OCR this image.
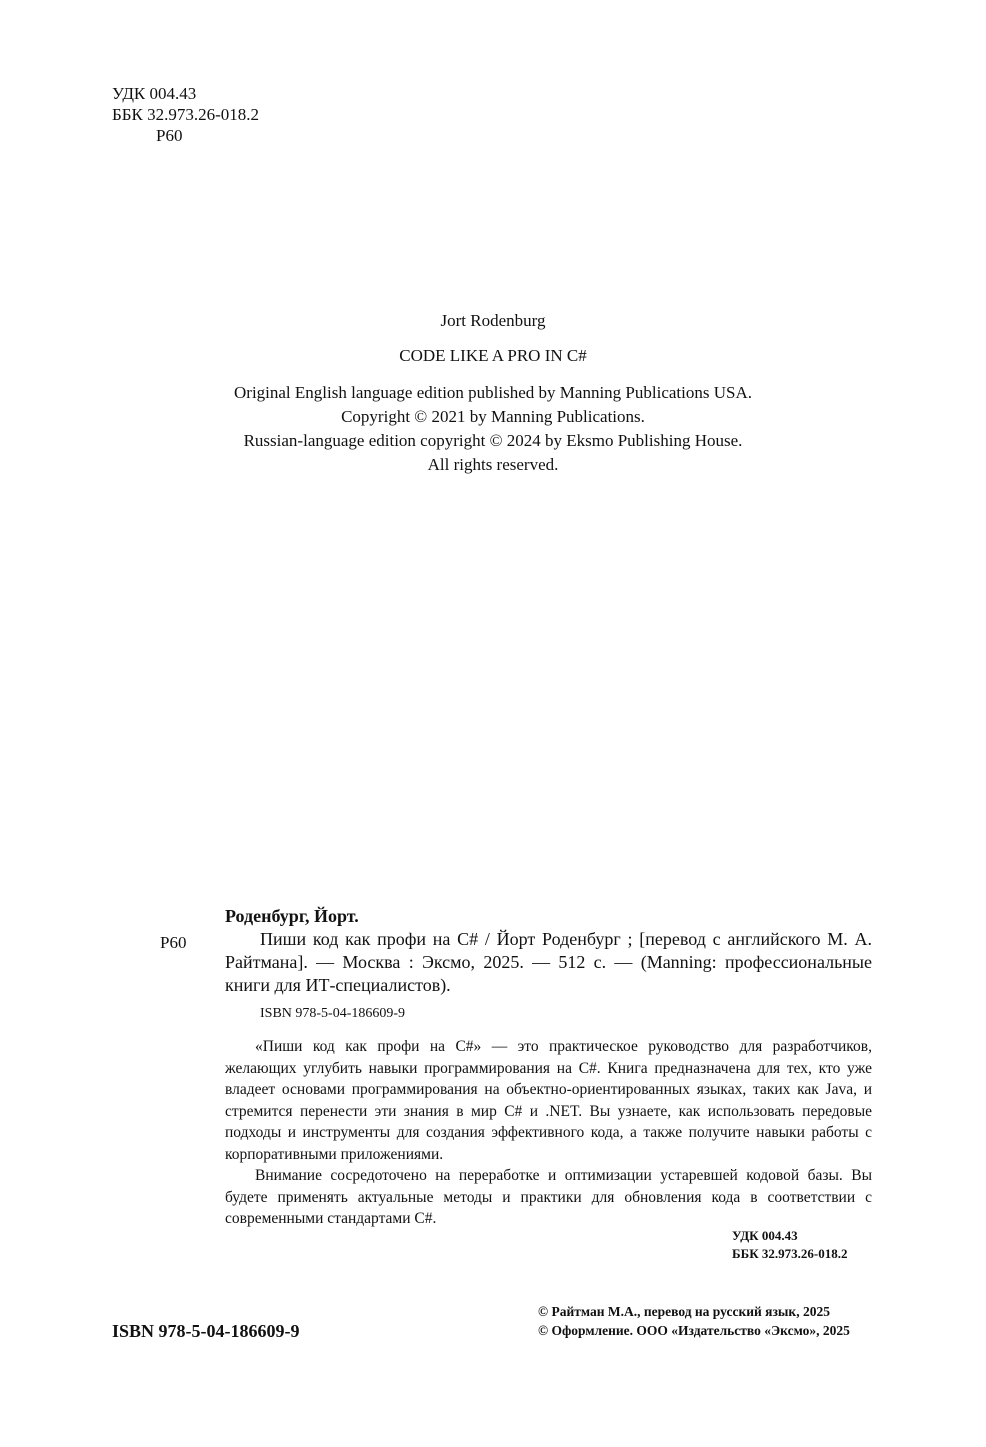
УДК 004.43
ББК 32.973.26-018.2
Р60
Jort Rodenburg
CODE LIKE A PRO IN C#
Original English language edition published by Manning Publications USA.
Copyright © 2021 by Manning Publications.
Russian-language edition copyright © 2024 by Eksmo Publishing House.
All rights reserved.
Роденбург, Йорт.
Р60	Пиши код как профи на C# / Йорт Роденбург ; [перевод с английского М. А. Райтмана]. — Москва : Эксмо, 2025. — 512 с. — (Manning: профессиональные книги для ИТ-специалистов).
ISBN 978-5-04-186609-9

«Пиши код как профи на C#» — это практическое руководство для разработчиков, желающих углубить навыки программирования на C#. Книга предназначена для тех, кто уже владеет основами программирования на объектно-ориентированных языках, таких как Java, и стремится перенести эти знания в мир C# и .NET. Вы узнаете, как использовать передовые подходы и инструменты для создания эффективного кода, а также получите навыки работы с корпоративными приложениями.

Внимание сосредоточено на переработке и оптимизации устаревшей кодовой базы. Вы будете применять актуальные методы и практики для обновления кода в соответствии с современными стандартами C#.

УДК 004.43
ББК 32.973.26-018.2
ISBN 978-5-04-186609-9
© Райтман М.А., перевод на русский язык, 2025
© Оформление. ООО «Издательство «Эксмо», 2025
